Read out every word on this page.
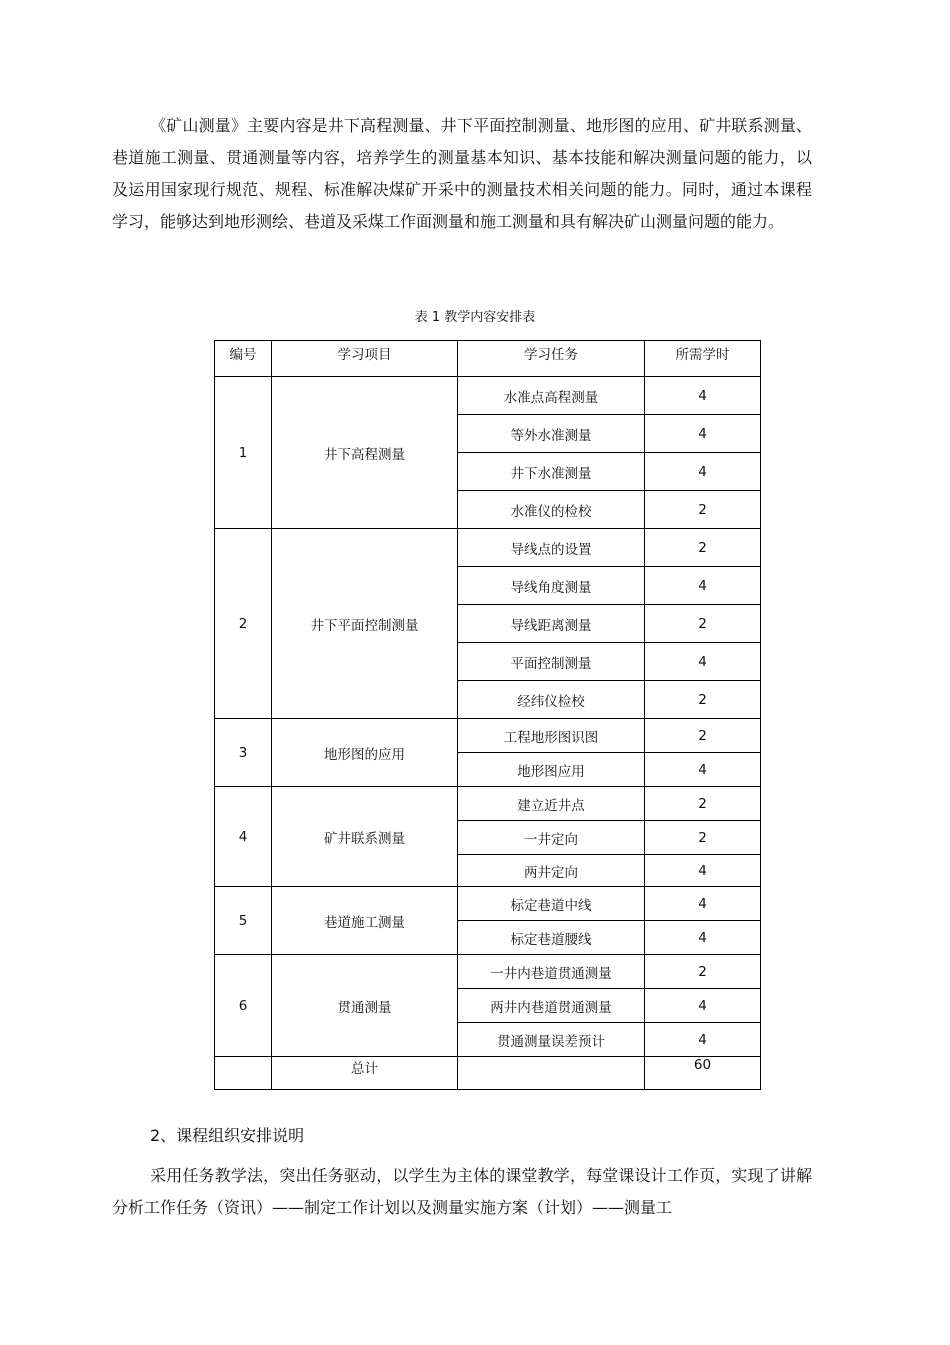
《矿山测量》主要内容是井下高程测量、井下平面控制测量、地形图的应用、矿井联系测量、巷道施工测量、贯通测量等内容，培养学生的测量基本知识、基本技能和解决测量问题的能力，以及运用国家现行规范、规程、标准解决煤矿开采中的测量技术相关问题的能力。同时，通过本课程学习，能够达到地形测绘、巷道及采煤工作面测量和施工测量和具有解决矿山测量问题的能力。

表 1 教学内容安排表
编号	学习项目	学习任务	所需学时
1	井下高程测量	水准点高程测量	4
		等外水准测量	4
		井下水准测量	4
		水准仪的检校	2
2	井下平面控制测量	导线点的设置	2
		导线角度测量	4
		导线距离测量	2
		平面控制测量	4
		经纬仪检校	2
3	地形图的应用	工程地形图识图	2
		地形图应用	4
4	矿井联系测量	建立近井点	2
		一井定向	2
		两井定向	4
5	巷道施工测量	标定巷道中线	4
		标定巷道腰线	4
6	贯通测量	一井内巷道贯通测量	2
		两井内巷道贯通测量	4
		贯通测量误差预计	4
	总计		60
2、课程组织安排说明

采用任务教学法，突出任务驱动，以学生为主体的课堂教学，每堂课设计工作页，实现了讲解分析工作任务（资讯）——制定工作计划以及测量实施方案（计划）——测量工
